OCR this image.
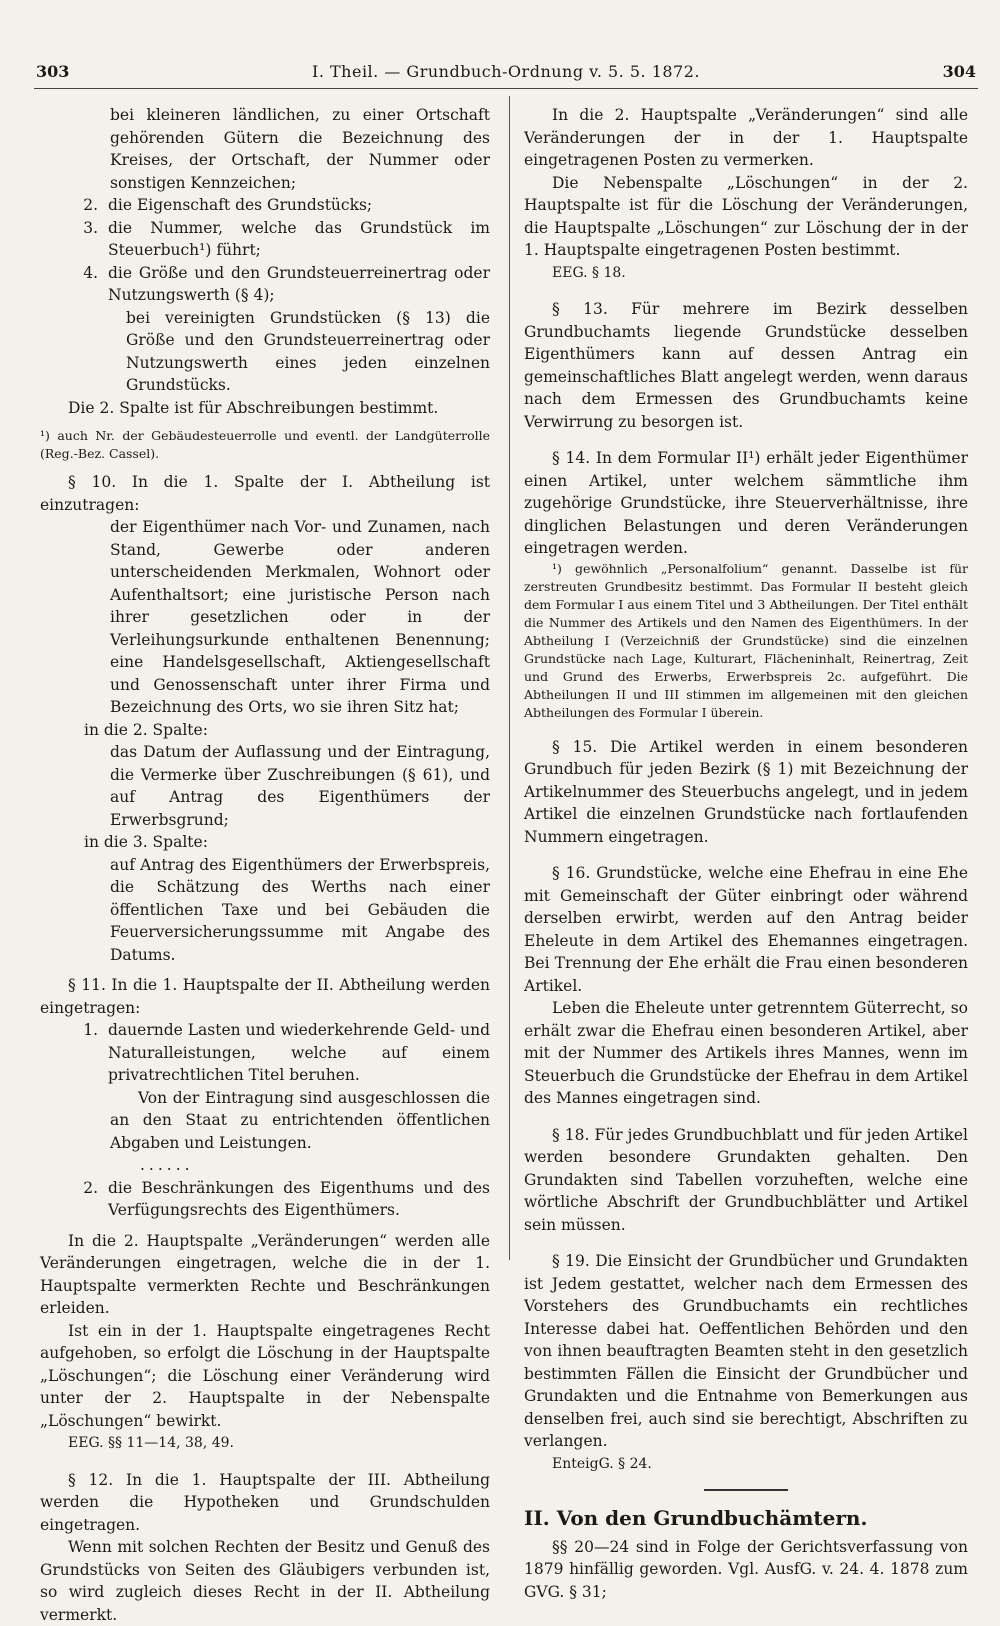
303	I. Theil. — Grundbuch-Ordnung v. 5. 5. 1872.	304

bei kleineren ländlichen, zu einer Ortschaft gehörenden Gütern die Bezeichnung des Kreises, der Ortschaft, der Nummer oder sonstigen Kennzeichen;

2. die Eigenschaft des Grundstücks;
3. die Nummer, welche das Grundstück im Steuerbuch¹) führt;
4. die Größe und den Grundsteuerreinertrag oder Nutzungswerth (§ 4);

bei vereinigten Grundstücken (§ 13) die Größe und den Grundsteuerreinertrag oder Nutzungswerth eines jeden einzelnen Grundstücks.

Die 2. Spalte ist für Abschreibungen bestimmt.

¹) auch Nr. der Gebäudesteuerrolle und eventl. der Landgüterrolle (Reg.-Bez. Cassel).

§ 10. In die 1. Spalte der I. Abtheilung ist einzutragen:

der Eigenthümer nach Vor- und Zunamen, nach Stand, Gewerbe oder anderen unterscheidenden Merkmalen, Wohnort oder Aufenthaltsort; eine juristische Person nach ihrer gesetzlichen oder in der Verleihungsurkunde enthaltenen Benennung; eine Handelsgesellschaft, Aktiengesellschaft und Genossenschaft unter ihrer Firma und Bezeichnung des Orts, wo sie ihren Sitz hat;

in die 2. Spalte:

das Datum der Auflassung und der Eintragung, die Vermerke über Zuschreibungen (§ 61), und auf Antrag des Eigenthümers der Erwerbsgrund;

in die 3. Spalte:

auf Antrag des Eigenthümers der Erwerbspreis, die Schätzung des Werths nach einer öffentlichen Taxe und bei Gebäuden die Feuerversicherungssumme mit Angabe des Datums.

§ 11. In die 1. Hauptspalte der II. Abtheilung werden eingetragen:

1. dauernde Lasten und wiederkehrende Geld- und Naturalleistungen, welche auf einem privatrechtlichen Titel beruhen.

Von der Eintragung sind ausgeschlossen die an den Staat zu entrichtenden öffentlichen Abgaben und Leistungen.

......

2. die Beschränkungen des Eigenthums und des Verfügungsrechts des Eigenthümers.

In die 2. Hauptspalte „Veränderungen“ werden alle Veränderungen eingetragen, welche die in der 1. Hauptspalte vermerkten Rechte und Beschränkungen erleiden.

Ist ein in der 1. Hauptspalte eingetragenes Recht aufgehoben, so erfolgt die Löschung in der Hauptspalte „Löschungen“; die Löschung einer Veränderung wird unter der 2. Hauptspalte in der Nebenspalte „Löschungen“ bewirkt.

EEG. §§ 11—14, 38, 49.

§ 12. In die 1. Hauptspalte der III. Abtheilung werden die Hypotheken und Grundschulden eingetragen.

Wenn mit solchen Rechten der Besitz und Genuß des Grundstücks von Seiten des Gläubigers verbunden ist, so wird zugleich dieses Recht in der II. Abtheilung vermerkt.

In die 2. Hauptspalte „Veränderungen“ sind alle Veränderungen der in der 1. Hauptspalte eingetragenen Posten zu vermerken.

Die Nebenspalte „Löschungen“ in der 2. Hauptspalte ist für die Löschung der Veränderungen, die Hauptspalte „Löschungen“ zur Löschung der in der 1. Hauptspalte eingetragenen Posten bestimmt.

EEG. § 18.

§ 13. Für mehrere im Bezirk desselben Grundbuchamts liegende Grundstücke desselben Eigenthümers kann auf dessen Antrag ein gemeinschaftliches Blatt angelegt werden, wenn daraus nach dem Ermessen des Grundbuchamts keine Verwirrung zu besorgen ist.

§ 14. In dem Formular II¹) erhält jeder Eigenthümer einen Artikel, unter welchem sämmtliche ihm zugehörige Grundstücke, ihre Steuerverhältnisse, ihre dinglichen Belastungen und deren Veränderungen eingetragen werden.

¹) gewöhnlich „Personalfolium“ genannt. Dasselbe ist für zerstreuten Grundbesitz bestimmt. Das Formular II besteht gleich dem Formular I aus einem Titel und 3 Abtheilungen. Der Titel enthält die Nummer des Artikels und den Namen des Eigenthümers. In der Abtheilung I (Verzeichniß der Grundstücke) sind die einzelnen Grundstücke nach Lage, Kulturart, Flächeninhalt, Reinertrag, Zeit und Grund des Erwerbs, Erwerbspreis 2c. aufgeführt. Die Abtheilungen II und III stimmen im allgemeinen mit den gleichen Abtheilungen des Formular I überein.

§ 15. Die Artikel werden in einem besonderen Grundbuch für jeden Bezirk (§ 1) mit Bezeichnung der Artikelnummer des Steuerbuchs angelegt, und in jedem Artikel die einzelnen Grundstücke nach fortlaufenden Nummern eingetragen.

§ 16. Grundstücke, welche eine Ehefrau in eine Ehe mit Gemeinschaft der Güter einbringt oder während derselben erwirbt, werden auf den Antrag beider Eheleute in dem Artikel des Ehemannes eingetragen. Bei Trennung der Ehe erhält die Frau einen besonderen Artikel.

Leben die Eheleute unter getrenntem Güterrecht, so erhält zwar die Ehefrau einen besonderen Artikel, aber mit der Nummer des Artikels ihres Mannes, wenn im Steuerbuch die Grundstücke der Ehefrau in dem Artikel des Mannes eingetragen sind.

§ 18. Für jedes Grundbuchblatt und für jeden Artikel werden besondere Grundakten gehalten. Den Grundakten sind Tabellen vorzuheften, welche eine wörtliche Abschrift der Grundbuchblätter und Artikel sein müssen.

§ 19. Die Einsicht der Grundbücher und Grundakten ist Jedem gestattet, welcher nach dem Ermessen des Vorstehers des Grundbuchamts ein rechtliches Interesse dabei hat. Oeffentlichen Behörden und den von ihnen beauftragten Beamten steht in den gesetzlich bestimmten Fällen die Einsicht der Grundbücher und Grundakten und die Entnahme von Bemerkungen aus denselben frei, auch sind sie berechtigt, Abschriften zu verlangen.

EnteigG. § 24.

II. Von den Grundbuchämtern.

§§ 20—24 sind in Folge der Gerichtsverfassung von 1879 hinfällig geworden. Vgl. AusfG. v. 24. 4. 1878 zum GVG. § 31;
